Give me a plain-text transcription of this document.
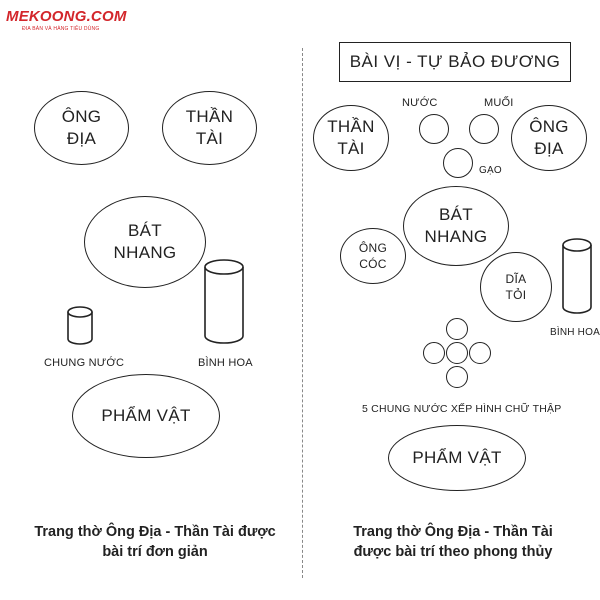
MEKOONG.COM
ĐIA BÀN VÀ HÀNG TIÊU DÙNG
ÔNG
ĐỊA
THẦN
TÀI
BÁT
NHANG
CHUNG NƯỚC	BÌNH HOA
PHẨM VẬT
Trang thờ Ông Địa - Thần Tài được
bài trí đơn giản
BÀI VỊ - TỰ BẢO ĐƯƠNG
NƯỚC	MUỐI
GẠO
THẦN
TÀI
ÔNG
ĐỊA
BÁT
NHANG
ÔNG
CÓC
DĨA
TỎI
BÌNH HOA
5 CHUNG NƯỚC XẾP HÌNH CHỮ THẬP
PHẨM VẬT
Trang thờ Ông Địa - Thần Tài
được bài trí theo phong thủy
